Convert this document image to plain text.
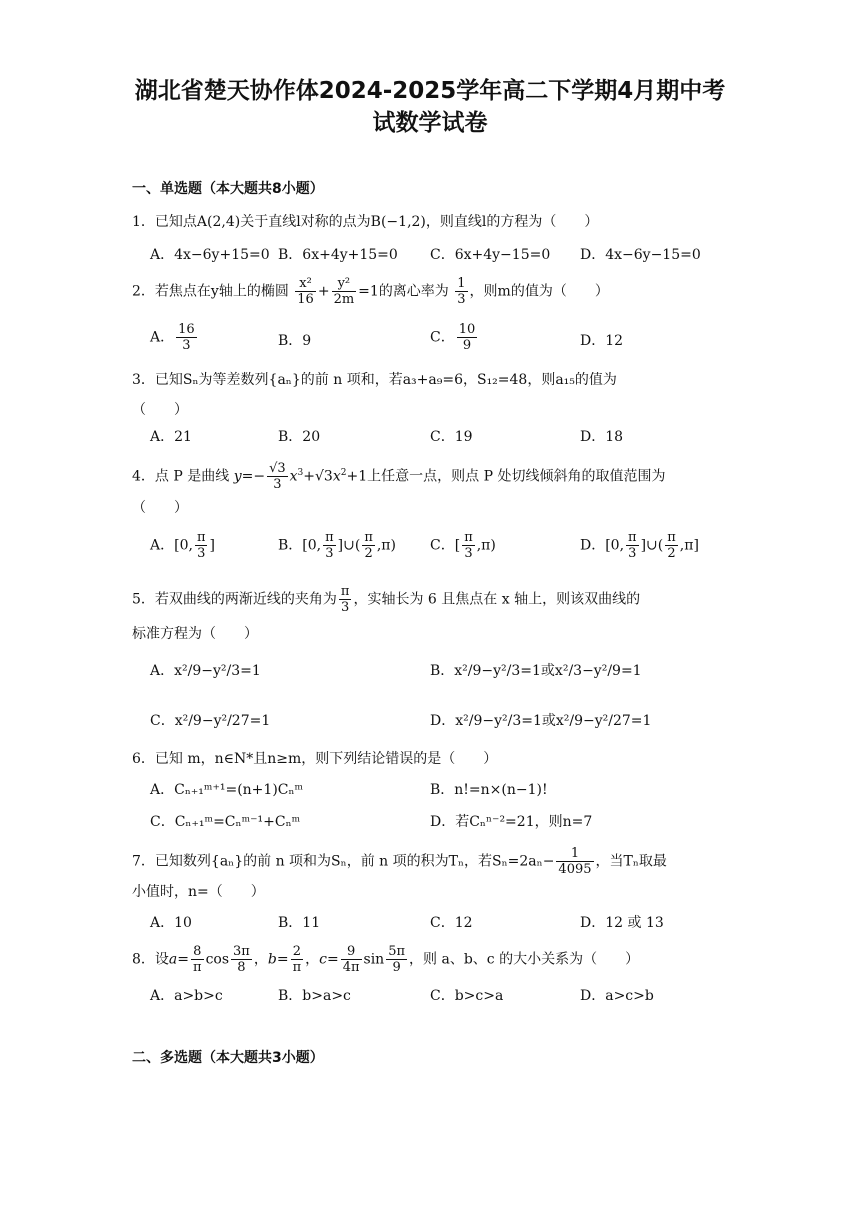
湖北省楚天协作体2024-2025学年高二下学期4月期中考
试数学试卷
一、单选题（本大题共8小题）
1．已知点A(2,4)关于直线l对称的点为B(−1,2)，则直线l的方程为（　　）
A．4x−6y+15=0 B．6x+4y+15=0 C．6x+4y−15=0 D．4x−6y−15=0
2．若焦点在y轴上的椭圆 $\frac{\text{x²}}{16} + \frac{\text{y²}}{2m} =1$的离心率为 $\frac{1}{3}$ ，则m的值为（　　）
A． $\frac{16}{3}$	B．9	C． $\frac{10}{9}$	D．12
3．已知Sₙ为等差数列{aₙ}的前 n 项和，若a₃+a₉=6，S₁₂=48，则a₁₅的值为
（　　）
A．21	B．20	C．19	D．18
4．点 P 是曲线 $y=- \frac{√3}{3} x^3+√3x^2+1$上任意一点，则点 P 处切线倾斜角的取值范围为
（　　）
A．[0, $\frac{\pi}{3}$ ]	B．[0, $\frac{\pi}{3}$ ]∪( $\frac{\pi}{2} ,\pi$) C．[ $\frac{\pi}{3} ,\pi$)	D．[0, $\frac{\pi}{3}$ ]∪( $\frac{\pi}{2} ,\pi$]
5．若双曲线的两渐近线的夹角为 $\frac{\pi}{3}$ ，实轴长为 6 且焦点在 x 轴上，则该双曲线的
标准方程为（　　）
A．x²/9−y²/3=1	B．x²/9−y²/3=1或x²/3−y²/9=1
C．x²/9−y²/27=1	D．x²/9−y²/3=1或x²/9−y²/27=1
6．已知 m，n∈N*且n≥m，则下列结论错误的是（　　）
A．Cₙ₊₁ᵐ⁺¹=(n+1)Cₙᵐ	B．n!=n×(n−1)!
C．Cₙ₊₁ᵐ=Cₙᵐ⁻¹+Cₙᵐ	D．若Cₙⁿ⁻²=21，则n=7
7．已知数列{aₙ}的前 n 项和为Sₙ，前 n 项的积为Tₙ，若$S_n=2a_n- \frac{1}{4095}$ ，当Tₙ取最
小值时，n=（　　）
A．10	B．11	C．12	D．12 或 13
8．设$a= \frac{8}{\pi}$ $\cos \frac{3\pi}{8}$ ，$b= \frac{2}{\pi}$ ，$c= \frac{9}{4\pi}$ $\sin \frac{5\pi}{9}$ ，则 a、b、c 的大小关系为（　　）
A．a>b>c	B．b>a>c	C．b>c>a	D．a>c>b
二、多选题（本大题共3小题）
